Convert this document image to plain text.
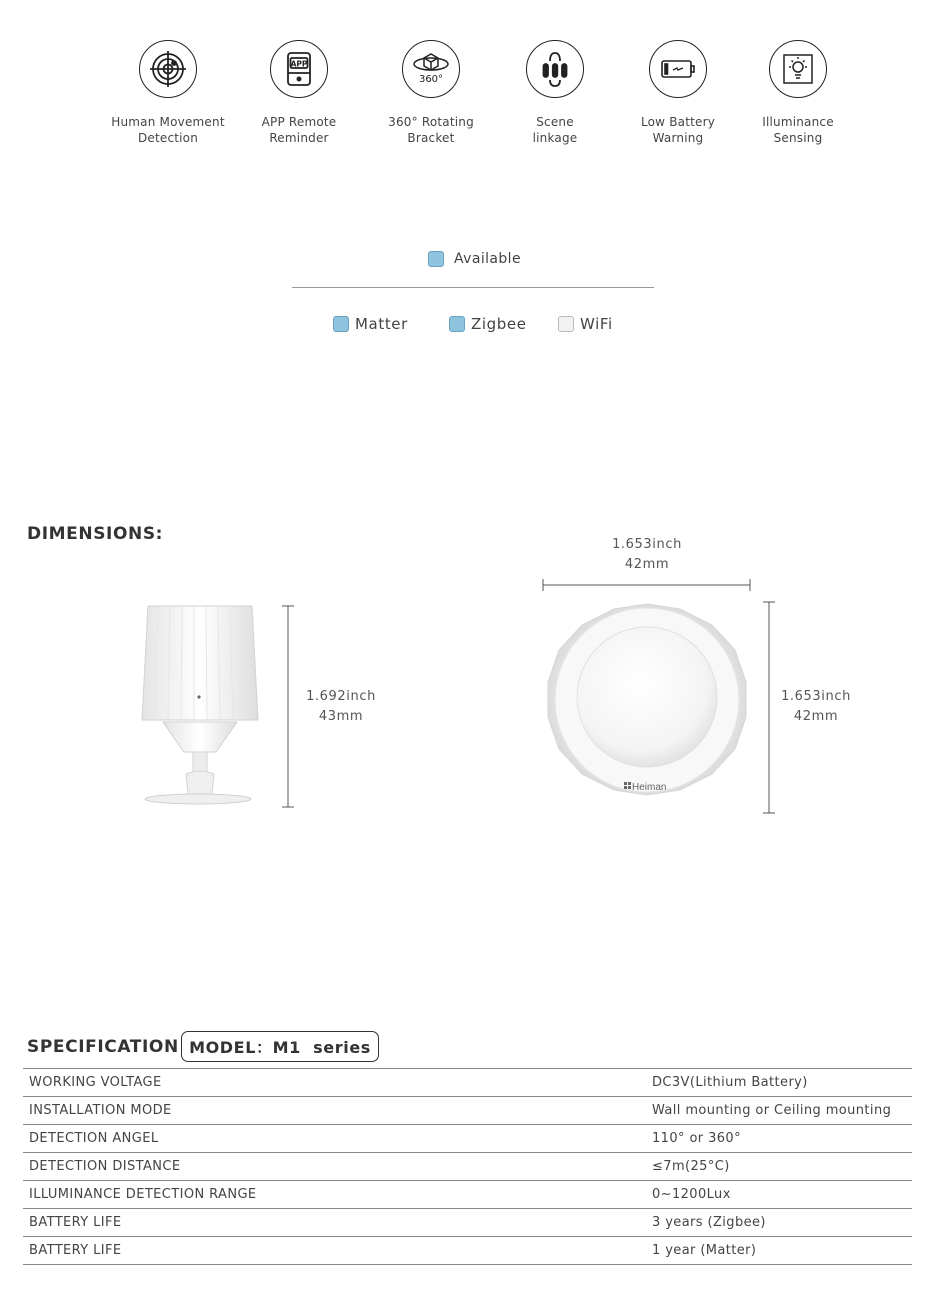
Human Movement
Detection
APP
APP Remote
Reminder
360°
360° Rotating
Bracket
Scene
linkage
Low Battery
Warning
Illuminance
Sensing
Available
Matter	Zigbee	WiFi
DIMENSIONS:
Heiman
1.692inch
43mm
1.653inch
42mm
1.653inch
42mm
SPECIFICATION MODEL：M1  series
WORKING VOLTAGE	DC3V(Lithium Battery)
INSTALLATION MODE	Wall mounting or Ceiling mounting
DETECTION ANGEL	110° or 360°
DETECTION DISTANCE	≤7m(25°C)
ILLUMINANCE DETECTION RANGE	0~1200Lux
BATTERY LIFE	3 years (Zigbee)
BATTERY LIFE	1 year (Matter)
